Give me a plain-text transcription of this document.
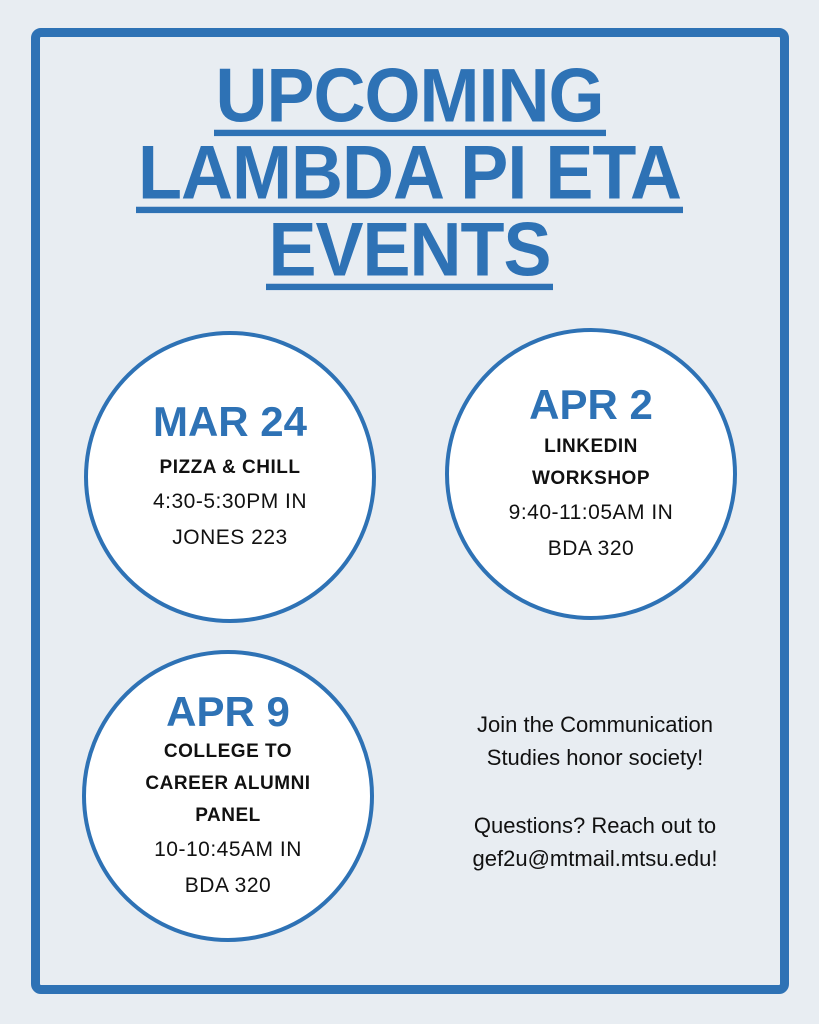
UPCOMING
LAMBDA PI ETA
EVENTS
MAR 24
PIZZA & CHILL
4:30-5:30PM IN
JONES 223
APR 2
LINKEDIN
WORKSHOP
9:40-11:05AM IN
BDA 320
APR 9
COLLEGE TO
CAREER ALUMNI
PANEL
10-10:45AM IN
BDA 320

Join the Communication

Studies honor society!

Questions? Reach out to

gef2u@mtmail.mtsu.edu!
